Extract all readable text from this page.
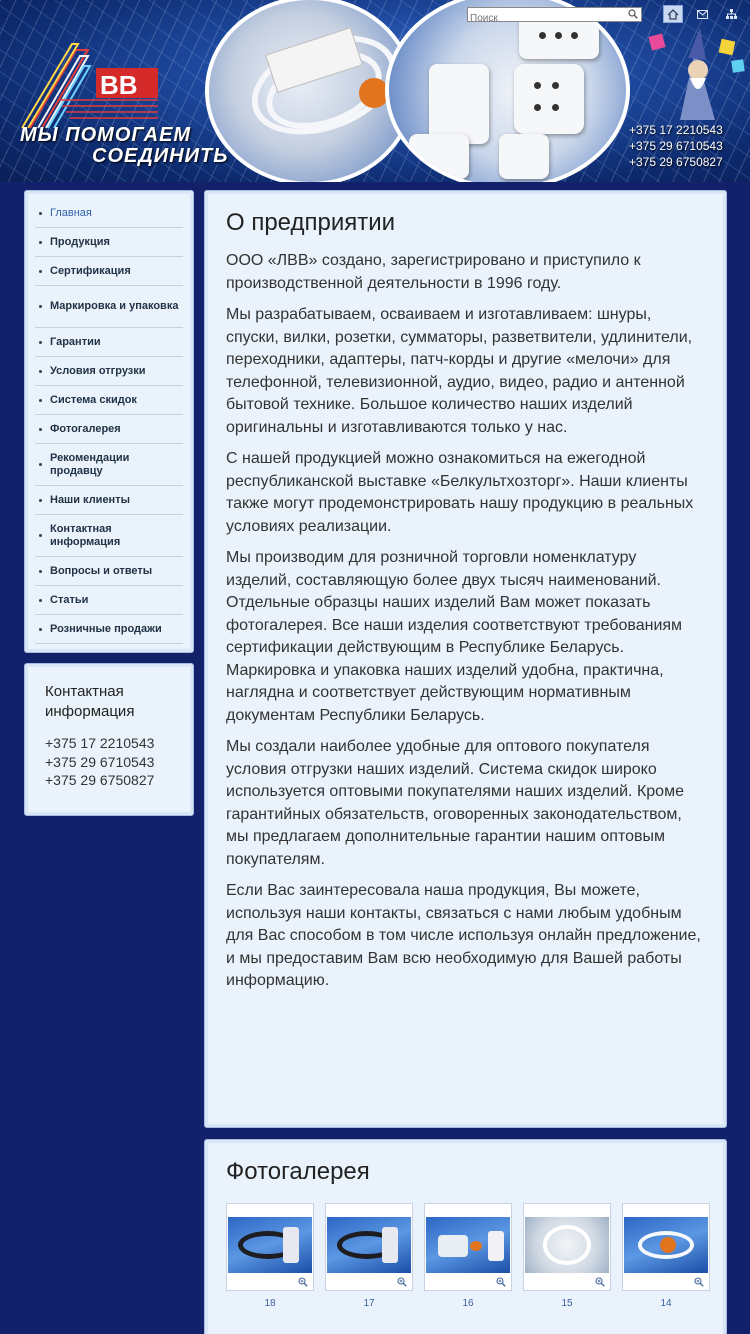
ВВ
МЫ ПОМОГАЕМ
СОЕДИНИТЬ
Поиск
+375 17 2210543
+375 29 6710543
+375 29 6750827
Главная
Продукция
Сертификация
Маркировка и упаковка
Гарантии
Условия отгрузки
Система скидок
Фотогалерея
Рекомендации продавцу
Наши клиенты
Контактная информация
Вопросы и ответы
Статьи
Розничные продажи
Контактная информация

+375 17 2210543

+375 29 6710543

+375 29 6750827

О предприятии

ООО «ЛВВ» создано, зарегистрировано и приступило к производственной деятельности в 1996 году.

Мы разрабатываем, осваиваем и изготавливаем: шнуры, спуски, вилки, розетки, сумматоры, разветвители, удлинители, переходники, адаптеры, патч-корды и другие «мелочи» для телефонной, телевизионной, аудио, видео, радио и антенной бытовой технике. Большое количество наших изделий оригинальны и изготавливаются только у нас.

С нашей продукцией можно ознакомиться на ежегодной республиканской выставке «Белкультхозторг». Наши клиенты также могут продемонстрировать нашу продукцию в реальных условиях реализации.

Мы производим для розничной торговли номенклатуру изделий, составляющую более двух тысяч наименований. Отдельные образцы наших изделий Вам может показать фотогалерея. Все наши изделия соответствуют требованиям сертификации действующим в Республике Беларусь. Маркировка и упаковка наших изделий удобна, практична, наглядна и соответствует действующим нормативным документам Республики Беларусь.

Мы создали наиболее удобные для оптового покупателя условия отгрузки наших изделий. Система скидок широко используется оптовыми покупателями наших изделий. Кроме гарантийных обязательств, оговоренных законодательством, мы предлагаем дополнительные гарантии нашим оптовым покупателям.

Если Вас заинтересовала наша продукция, Вы можете, используя наши контакты, связаться с нами любым удобным для Вас способом в том числе используя онлайн предложение, и мы предоставим Вам всю необходимую для Вашей работы информацию.

Фотогалерея
18	17	16	15	14
